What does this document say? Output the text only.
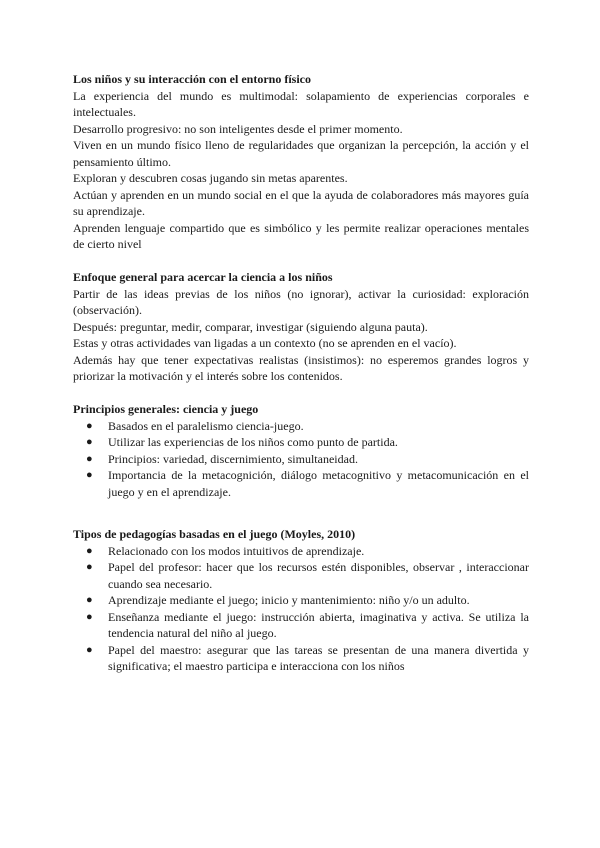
Los niños y su interacción con el entorno físico

La experiencia del mundo es multimodal: solapamiento de experiencias corporales e intelectuales.

Desarrollo progresivo: no son inteligentes desde el primer momento.

Viven en un mundo físico lleno de regularidades que organizan la percepción, la acción y el pensamiento último.

Exploran y descubren cosas jugando sin metas aparentes.

Actúan y aprenden en un mundo social en el que la ayuda de colaboradores más mayores guía su aprendizaje.

Aprenden lenguaje compartido que es simbólico y les permite realizar operaciones mentales de cierto nivel

Enfoque general para acercar la ciencia a los niños

Partir de las ideas previas de los niños (no ignorar), activar la curiosidad: exploración (observación).

Después: preguntar, medir, comparar, investigar (siguiendo alguna pauta).

Estas y otras actividades van ligadas a un contexto (no se aprenden en el vacío).

Además hay que tener expectativas realistas (insistimos): no esperemos grandes logros y priorizar la motivación y el interés sobre los contenidos.

Principios generales: ciencia y juego

●	Basados en el paralelismo ciencia-juego.
●	Utilizar las experiencias de los niños como punto de partida.
●	Principios: variedad, discernimiento, simultaneidad.
●	Importancia de la metacognición, diálogo metacognitivo y metacomunicación en el juego y en el aprendizaje.

Tipos de pedagogías basadas en el juego (Moyles, 2010)

●	Relacionado con los modos intuitivos de aprendizaje.
●	Papel del profesor: hacer que los recursos estén disponibles, observar , interaccionar cuando sea necesario.
●	Aprendizaje mediante el juego; inicio y mantenimiento: niño y/o un adulto.
●	Enseñanza mediante el juego: instrucción abierta, imaginativa y activa. Se utiliza la tendencia natural del niño al juego.
●	Papel del maestro: asegurar que las tareas se presentan de una manera divertida y significativa; el maestro participa e interacciona con los niños
